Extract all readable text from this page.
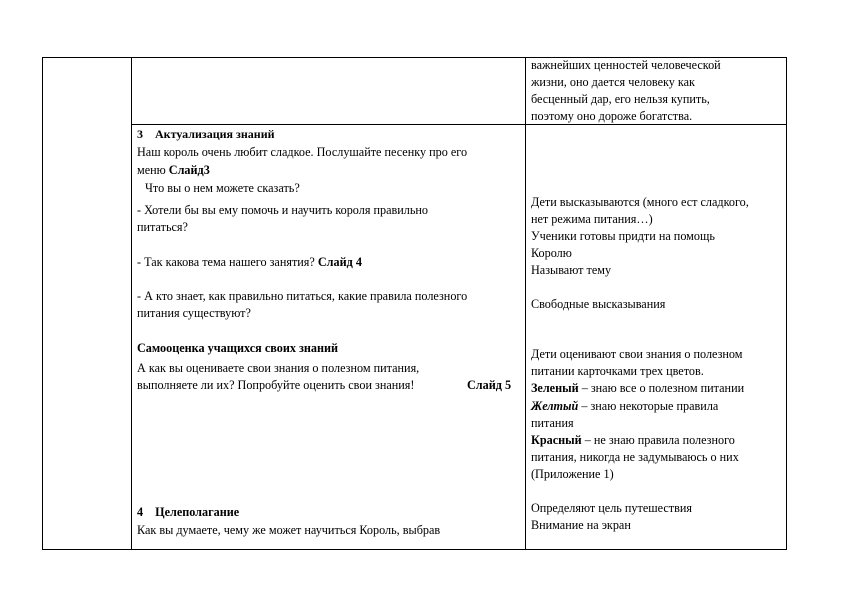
важнейших ценностей человеческой
жизни, оно дается человеку как
бесценный дар, его нельзя купить,
поэтому оно дороже богатства.
3 Актуализация знаний
Наш король очень любит сладкое. Послушайте песенку про его
меню Слайд3
Что вы о нем можете сказать?
- Хотели бы вы ему помочь и научить короля правильно
питаться?
- Так какова тема нашего занятия? Слайд 4
- А кто знает, как правильно питаться, какие правила полезного
питания существуют?
Самооценка учащихся своих знаний
А как вы оцениваете свои знания о полезном питания,
выполняете ли их? Попробуйте оценить свои знания!	Слайд 5
4 Целеполагание
Как вы думаете, чему же может научиться Король, выбрав
Дети высказываются (много ест сладкого,
нет режима питания…)
Ученики готовы придти на помощь
Королю
Называют тему
Свободные высказывания
Дети оценивают свои знания о полезном
питании карточками трех цветов.
Зеленый – знаю все о полезном питании
Желтый – знаю некоторые правила
питания
Красный – не знаю правила полезного
питания, никогда не задумываюсь о них
(Приложение 1)
Определяют цель путешествия
Внимание на экран
